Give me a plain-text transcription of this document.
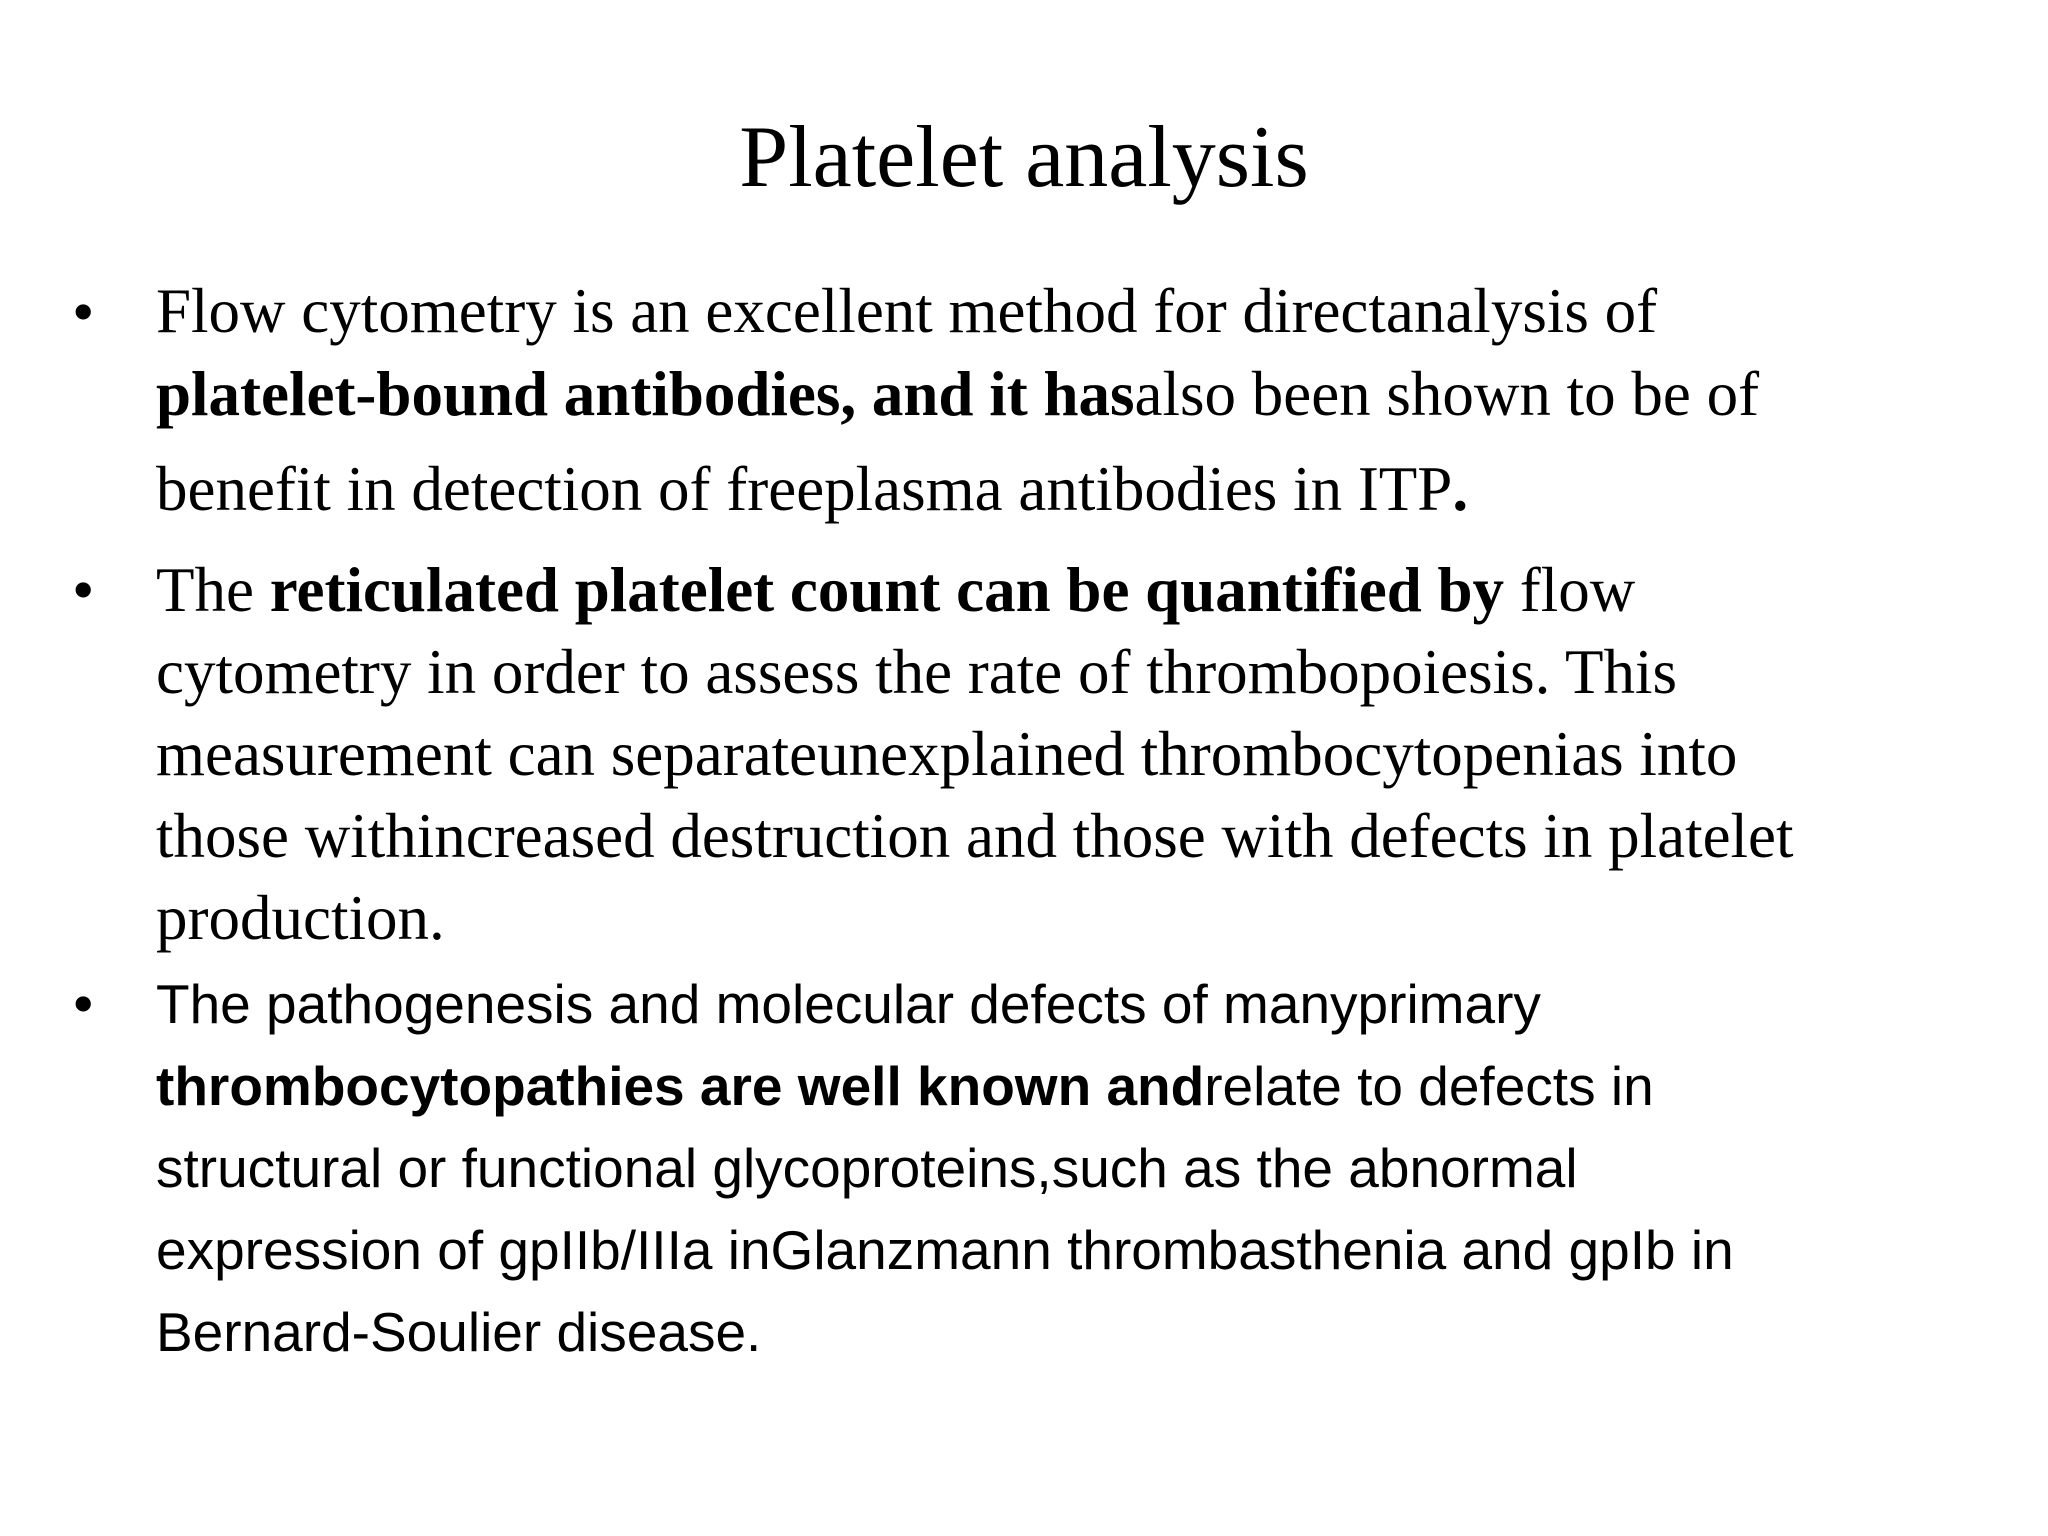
Platelet analysis
• Flow cytometry is an excellent method for directanalysis of
platelet-bound antibodies, and it hasalso been shown to be of
benefit in detection of freeplasma antibodies in ITP.
• The reticulated platelet count can be quantified by flow
cytometry in order to assess the rate of thrombopoiesis. This
measurement can separateunexplained thrombocytopenias into
those withincreased destruction and those with defects in platelet
production.
• The pathogenesis and molecular defects of manyprimary
thrombocytopathies are well known andrelate to defects in
structural or functional glycoproteins,such as the abnormal
expression of gpIIb/IIIa inGlanzmann thrombasthenia and gpIb in
Bernard-Soulier disease.
